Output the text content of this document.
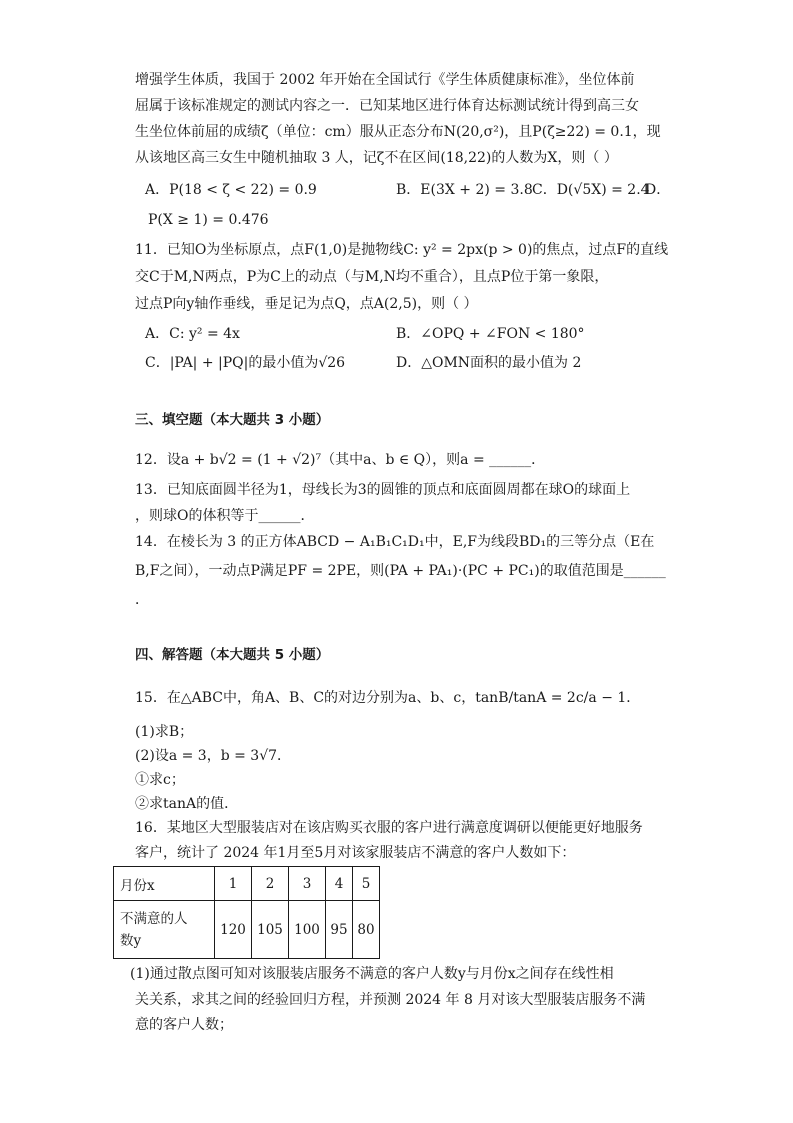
增强学生体质，我国于 2002 年开始在全国试行《学生体质健康标准》，坐位体前
屈属于该标准规定的测试内容之一．已知某地区进行体育达标测试统计得到高三女
生坐位体前屈的成绩ζ（单位：cm）服从正态分布N(20,σ²)，且P(ζ≥22) = 0.1，现
从该地区高三女生中随机抽取 3 人，记ζ不在区间(18,22)的人数为X，则（ ）
A．P(18 < ζ < 22) = 0.9	B．E(3X + 2) = 3.8 C．D(√5X) = 2.4
D．
P(X ≥ 1) = 0.476
11．已知O为坐标原点，点F(1,0)是抛物线C: y² = 2px(p > 0)的焦点，过点F的直线
交C于M,N两点，P为C上的动点（与M,N均不重合），且点P位于第一象限，
过点P向y轴作垂线，垂足记为点Q，点A(2,5)，则（ ）
A．C: y² = 4x	B．∠OPQ + ∠FON < 180°
C．|PA| + |PQ|的最小值为√26	D．△OMN面积的最小值为 2
三、填空题（本大题共 3 小题）
12．设a + b√2 = (1 + √2)⁷（其中a、b ∈ Q），则a = ______．
13．已知底面圆半径为1，母线长为3的圆锥的顶点和底面圆周都在球O的球面上
，则球O的体积等于______．
14．在棱长为 3 的正方体ABCD − A₁B₁C₁D₁中，E,F为线段BD₁的三等分点（E在
B,F之间），一动点P满足PF = 2PE，则(PA + PA₁)·(PC + PC₁)的取值范围是______
．
四、解答题（本大题共 5 小题）
15．在△ABC中，角A、B、C的对边分别为a、b、c，tanB/tanA = 2c/a − 1．
(1)求B；
(2)设a = 3，b = 3√7．
①求c；
②求tanA的值．
16．某地区大型服装店对在该店购买衣服的客户进行满意度调研以便能更好地服务
客户，统计了 2024 年1月至5月对该家服装店不满意的客户人数如下：
月份x	1	2	3	4	5

不满意的人
数y	120	105	100	95	80
(1)通过散点图可知对该服装店服务不满意的客户人数y与月份x之间存在线性相
关关系，求其之间的经验回归方程，并预测 2024 年 8 月对该大型服装店服务不满
意的客户人数；
